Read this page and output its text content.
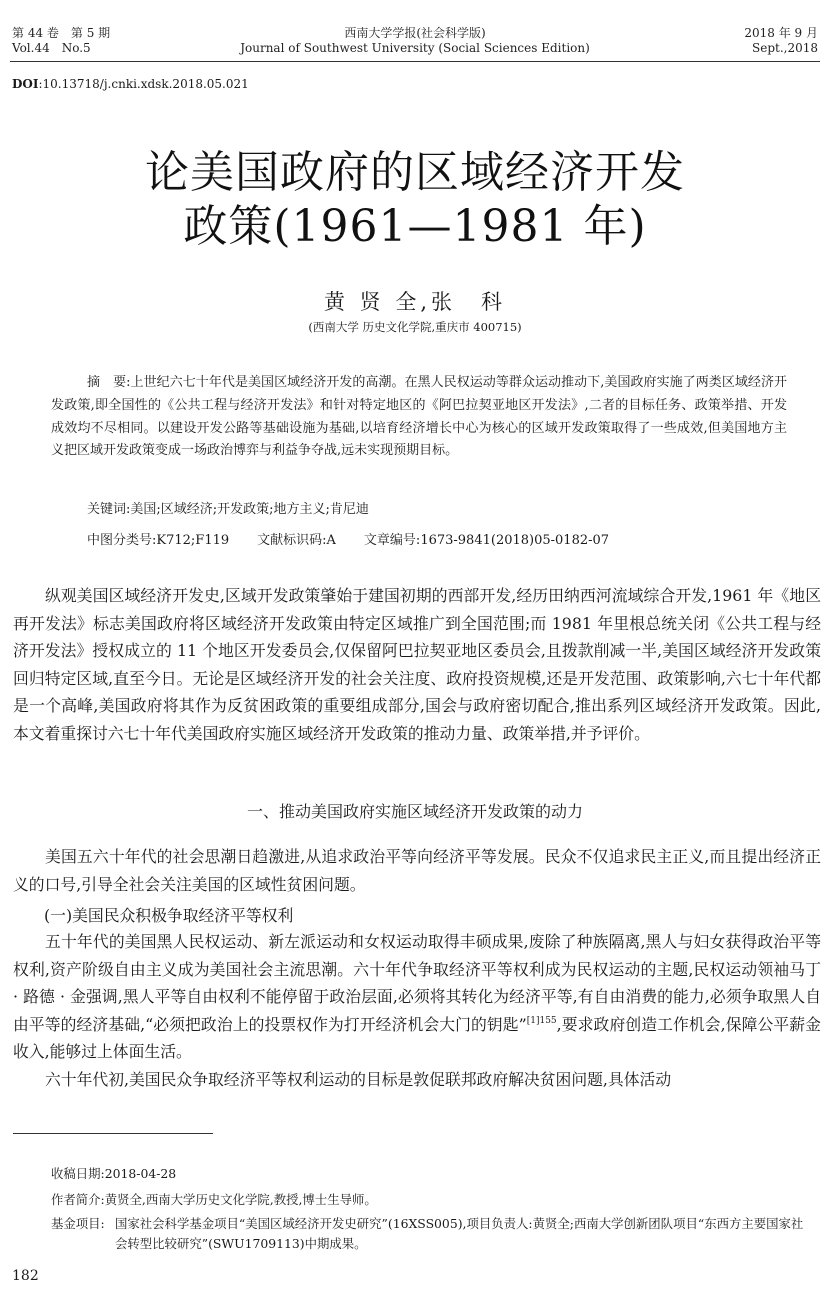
第 44 卷　第 5 期
Vol.44　No.5
西南大学学报(社会科学版)
Journal of Southwest University (Social Sciences Edition)
2018 年 9 月
Sept.,2018
DOI:10.13718/j.cnki.xdsk.2018.05.021
论美国政府的区域经济开发
政策(1961—1981 年)
黄 贤 全,张　科
(西南大学 历史文化学院,重庆市 400715)

摘　要:上世纪六七十年代是美国区域经济开发的高潮。在黑人民权运动等群众运动推动下,美国政府实施了两类区域经济开发政策,即全国性的《公共工程与经济开发法》和针对特定地区的《阿巴拉契亚地区开发法》,二者的目标任务、政策举措、开发成效均不尽相同。以建设开发公路等基础设施为基础,以培育经济增长中心为核心的区域开发政策取得了一些成效,但美国地方主义把区域开发政策变成一场政治博弈与利益争夺战,远未实现预期目标。

关键词:美国;区域经济;开发政策;地方主义;肯尼迪
中图分类号:K712;F119 文献标识码:A 文章编号:1673-9841(2018)05-0182-07

纵观美国区域经济开发史,区域开发政策肇始于建国初期的西部开发,经历田纳西河流域综合开发,1961 年《地区再开发法》标志美国政府将区域经济开发政策由特定区域推广到全国范围;而 1981 年里根总统关闭《公共工程与经济开发法》授权成立的 11 个地区开发委员会,仅保留阿巴拉契亚地区委员会,且拨款削减一半,美国区域经济开发政策回归特定区域,直至今日。无论是区域经济开发的社会关注度、政府投资规模,还是开发范围、政策影响,六七十年代都是一个高峰,美国政府将其作为反贫困政策的重要组成部分,国会与政府密切配合,推出系列区域经济开发政策。因此,本文着重探讨六七十年代美国政府实施区域经济开发政策的推动力量、政策举措,并予评价。

一、推动美国政府实施区域经济开发政策的动力

美国五六十年代的社会思潮日趋激进,从追求政治平等向经济平等发展。民众不仅追求民主正义,而且提出经济正义的口号,引导全社会关注美国的区域性贫困问题。

(一)美国民众积极争取经济平等权利

五十年代的美国黑人民权运动、新左派运动和女权运动取得丰硕成果,废除了种族隔离,黑人与妇女获得政治平等权利,资产阶级自由主义成为美国社会主流思潮。六十年代争取经济平等权利成为民权运动的主题,民权运动领袖马丁 · 路德 · 金强调,黑人平等自由权利不能停留于政治层面,必须将其转化为经济平等,有自由消费的能力,必须争取黑人自由平等的经济基础,“必须把政治上的投票权作为打开经济机会大门的钥匙”$^{[1]155}$,要求政府创造工作机会,保障公平薪金收入,能够过上体面生活。

六十年代初,美国民众争取经济平等权利运动的目标是敦促联邦政府解决贫困问题,具体活动

收稿日期:2018-04-28
作者简介:黄贤全,西南大学历史文化学院,教授,博士生导师。
基金项目: 国家社会科学基金项目“美国区域经济开发史研究”(16XSS005),项目负责人:黄贤全;西南大学创新团队项目“东西方主要国家社会转型比较研究”(SWU1709113)中期成果。
182
